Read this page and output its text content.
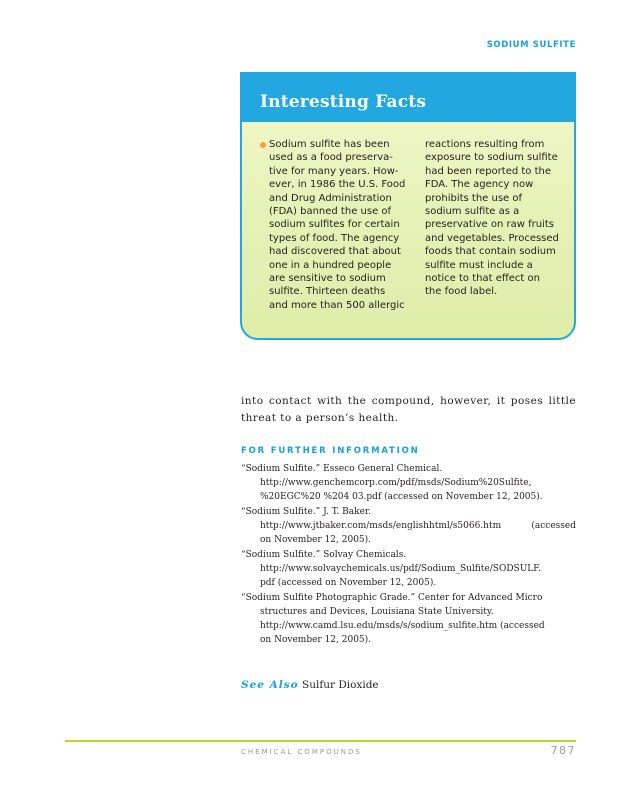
SODIUM SULFITE
Interesting Facts
Sodium sulfite has been
used as a food preserva-
tive for many years. How-
ever, in 1986 the U.S. Food
and Drug Administration
(FDA) banned the use of
sodium sulfites for certain
types of food. The agency
had discovered that about
one in a hundred people
are sensitive to sodium
sulfite. Thirteen deaths
and more than 500 allergic
reactions resulting from
exposure to sodium sulfite
had been reported to the
FDA. The agency now
prohibits the use of
sodium sulfite as a
preservative on raw fruits
and vegetables. Processed
foods that contain sodium
sulfite must include a
notice to that effect on
the food label.
into contact with the compound, however, it poses little threat to a person’s health.
FOR FURTHER INFORMATION
“Sodium Sulfite.” Esseco General Chemical.
http://www.genchemcorp.com/pdf/msds/Sodium%20Sulfite,
%20EGC%20 %204 03.pdf (accessed on November 12, 2005).
“Sodium Sulfite.” J. T. Baker.
http://www.jtbaker.com/msds/englishhtml/s5066.htm (accessed
on November 12, 2005).
“Sodium Sulfite.” Solvay Chemicals.
http://www.solvaychemicals.us/pdf/Sodium_Sulfite/SODSULF.
pdf (accessed on November 12, 2005).
“Sodium Sulfite Photographic Grade.” Center for Advanced Micro
structures and Devices, Louisiana State University.
http://www.camd.lsu.edu/msds/s/sodium_sulfite.htm (accessed
on November 12, 2005).
See Also Sulfur Dioxide
CHEMICAL COMPOUNDS	787
